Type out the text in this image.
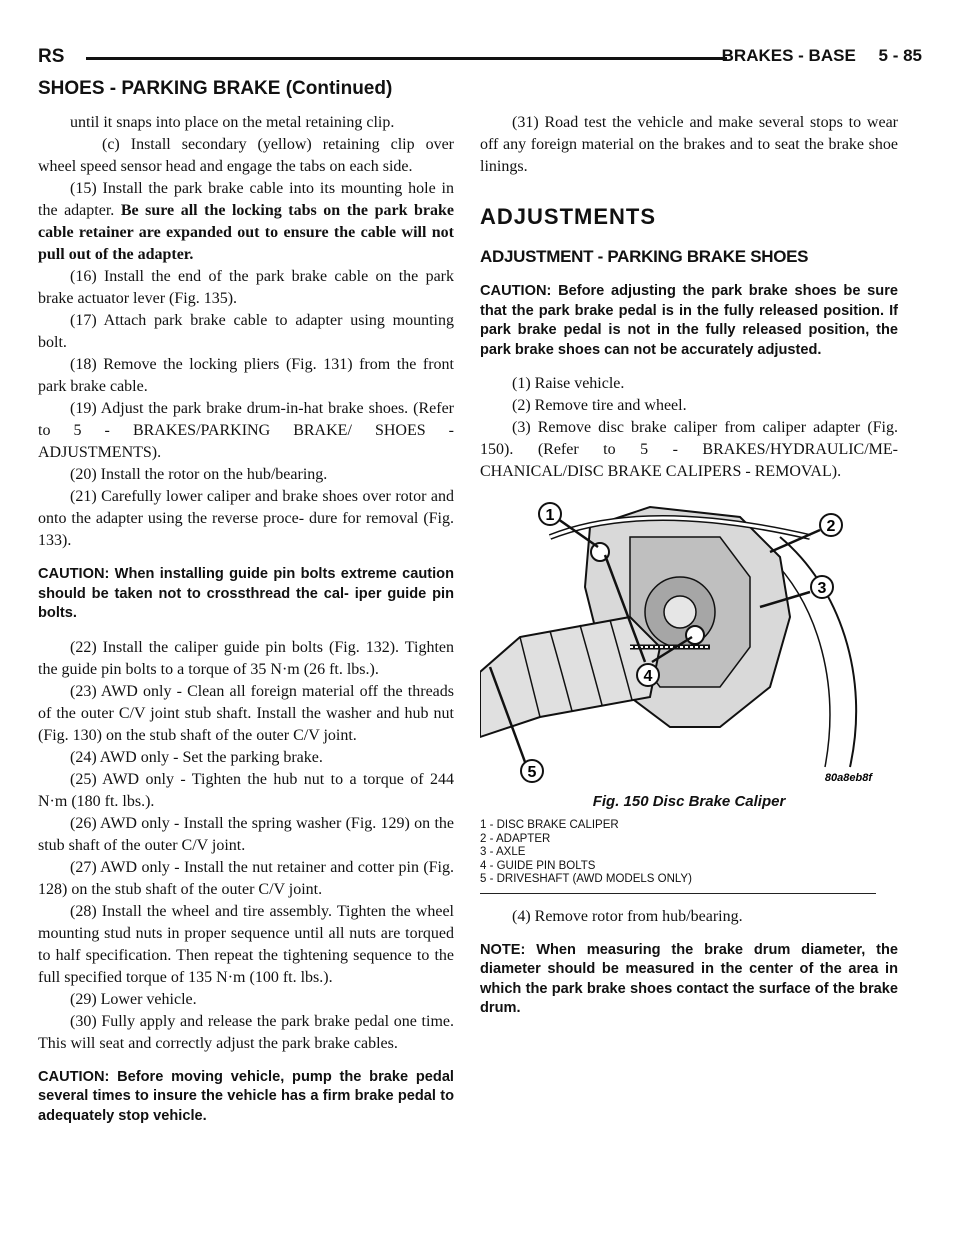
RS	BRAKES - BASE 5 - 85
SHOES - PARKING BRAKE (Continued)

until it snaps into place on the metal retaining clip.

(c) Install secondary (yellow) retaining clip over wheel speed sensor head and engage the tabs on each side.

(15) Install the park brake cable into its mounting hole in the adapter. Be sure all the locking tabs on the park brake cable retainer are expanded out to ensure the cable will not pull out of the adapter.

(16) Install the end of the park brake cable on the park brake actuator lever (Fig. 135).

(17) Attach park brake cable to adapter using mounting bolt.

(18) Remove the locking pliers (Fig. 131) from the front park brake cable.

(19) Adjust the park brake drum-in-hat brake shoes. (Refer to 5 - BRAKES/PARKING BRAKE/ SHOES - ADJUSTMENTS).

(20) Install the rotor on the hub/bearing.

(21) Carefully lower caliper and brake shoes over rotor and onto the adapter using the reverse proce- dure for removal (Fig. 133).

CAUTION: When installing guide pin bolts extreme caution should be taken not to crossthread the cal- iper guide pin bolts.

(22) Install the caliper guide pin bolts (Fig. 132). Tighten the guide pin bolts to a torque of 35 N·m (26 ft. lbs.).

(23) AWD only - Clean all foreign material off the threads of the outer C/V joint stub shaft. Install the washer and hub nut (Fig. 130) on the stub shaft of the outer C/V joint.

(24) AWD only - Set the parking brake.

(25) AWD only - Tighten the hub nut to a torque of 244 N·m (180 ft. lbs.).

(26) AWD only - Install the spring washer (Fig. 129) on the stub shaft of the outer C/V joint.

(27) AWD only - Install the nut retainer and cotter pin (Fig. 128) on the stub shaft of the outer C/V joint.

(28) Install the wheel and tire assembly. Tighten the wheel mounting stud nuts in proper sequence until all nuts are torqued to half specification. Then repeat the tightening sequence to the full specified torque of 135 N·m (100 ft. lbs.).

(29) Lower vehicle.

(30) Fully apply and release the park brake pedal one time. This will seat and correctly adjust the park brake cables.

CAUTION: Before moving vehicle, pump the brake pedal several times to insure the vehicle has a firm brake pedal to adequately stop vehicle.

(31) Road test the vehicle and make several stops to wear off any foreign material on the brakes and to seat the brake shoe linings.

ADJUSTMENTS
ADJUSTMENT - PARKING BRAKE SHOES

CAUTION: Before adjusting the park brake shoes be sure that the park brake pedal is in the fully released position. If park brake pedal is not in the fully released position, the park brake shoes can not be accurately adjusted.

(1) Raise vehicle.

(2) Remove tire and wheel.

(3) Remove disc brake caliper from caliper adapter (Fig. 150). (Refer to 5 - BRAKES/HYDRAULIC/ME- CHANICAL/DISC BRAKE CALIPERS - REMOVAL).

1
2
3
4
5	80a8eb8f
Fig. 150 Disc Brake Caliper
1 - DISC BRAKE CALIPER
2 - ADAPTER
3 - AXLE
4 - GUIDE PIN BOLTS
5 - DRIVESHAFT (AWD MODELS ONLY)

(4) Remove rotor from hub/bearing.

NOTE: When measuring the brake drum diameter, the diameter should be measured in the center of the area in which the park brake shoes contact the surface of the brake drum.
